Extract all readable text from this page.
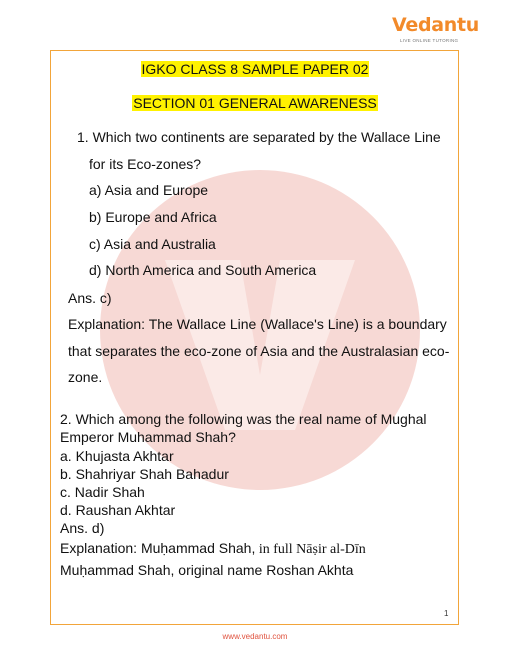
Vedantu
LIVE ONLINE TUTORING
IGKO CLASS 8 SAMPLE PAPER 02
SECTION 01 GENERAL AWARENESS
1. Which two continents are separated by the Wallace Line
for its Eco-zones?
a) Asia and Europe
b) Europe and Africa
c) Asia and Australia
d) North America and South America
Ans. c)
Explanation: The Wallace Line (Wallace's Line) is a boundary
that separates the eco-zone of Asia and the Australasian eco-
zone.
2. Which among the following was the real name of Mughal
Emperor Muhammad Shah?
a. Khujasta Akhtar
b. Shahriyar Shah Bahadur
c. Nadir Shah
d. Raushan Akhtar
Ans. d)
Explanation: Muḥammad Shah, in full Nāṣir al-Dīn
Muḥammad Shah, original name Roshan Akhta
1
www.vedantu.com
